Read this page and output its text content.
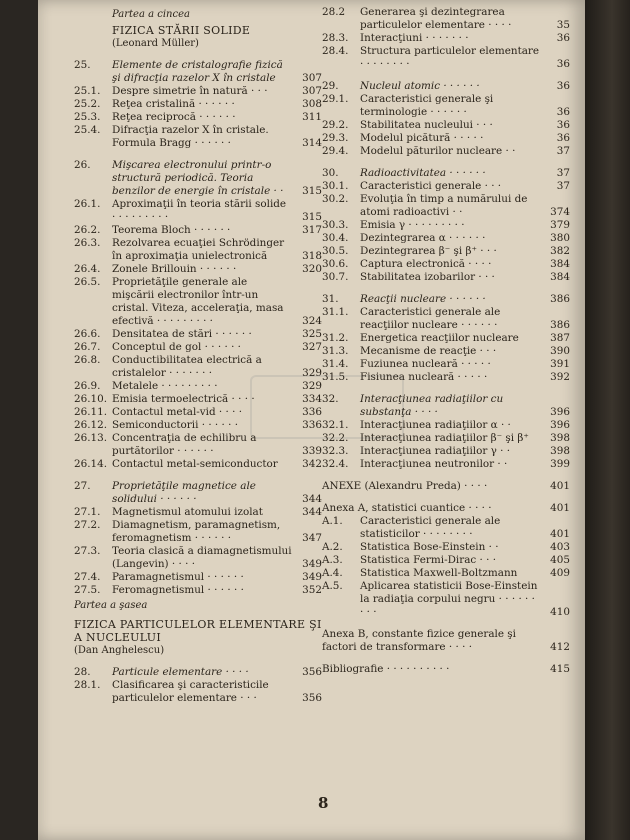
Partea a cincea
FIZICA STĂRII SOLIDE
(Leonard Müller)
25. Elemente de cristalografie fizică şi difracţia razelor X în cristale	307
25.1. Despre simetrie în natură · · ·	307
25.2. Reţea cristalină · · · · · ·	308
25.3. Reţea reciprocă · · · · · ·	311
25.4. Difracţia razelor X în cristale. Formula Bragg · · · · · ·	314
26. Mişcarea electronului printr-o structură periodică. Teoria benzilor de energie în cristale · · 315
26.1. Aproximaţii în teoria stării solide · · · · · · · · ·	315
26.2. Teorema Bloch · · · · · ·	317
26.3. Rezolvarea ecuaţiei Schrödinger în aproximaţia unielectronică	318
26.4. Zonele Brillouin · · · · · ·	320
26.5. Proprietăţile generale ale mişcării electronilor într-un cristal. Viteza, acceleraţia, masa efectivă · · · · · · · · ·	324
26.6. Densitatea de stări · · · · · ·	325
26.7. Conceptul de gol · · · · · ·	327
26.8. Conductibilitatea electrică a cristalelor · · · · · · ·	329
26.9. Metalele · · · · · · · · ·	329
26.10. Emisia termoelectrică · · · ·	334
26.11. Contactul metal-vid · · · ·	336
26.12. Semiconductorii · · · · · ·	336
26.13. Concentraţia de echilibru a purtătorilor · · · · · ·	339
26.14. Contactul metal-semiconductor 342
27. Proprietăţile magnetice ale solidului · · · · · ·	344
27.1. Magnetismul atomului izolat	344
27.2. Diamagnetism, paramagnetism, feromagnetism · · · · · ·	347
27.3. Teoria clasică a diamagnetismului (Langevin) · · · ·	349
27.4. Paramagnetismul · · · · · ·	349
27.5. Feromagnetismul · · · · · ·	352
Partea a şasea
FIZICA PARTICULELOR ELEMENTARE ŞI A NUCLEULUI
(Dan Anghelescu)
28. Particule elementare · · · ·	356
28.1. Clasificarea şi caracteristicile particulelor elementare · · ·	356
28.2 Generarea şi dezintegrarea particulelor elementare · · · ·	35
28.3. Interacţiuni · · · · · · ·	36
28.4. Structura particulelor elementare · · · · · · · ·	36
29. Nucleul atomic · · · · · ·	36
29.1. Caracteristici generale şi terminologie · · · · · ·	36
29.2. Stabilitatea nucleului · · ·	36
29.3. Modelul picătură · · · · ·	36
29.4. Modelul păturilor nucleare · ·	37
30. Radioactivitatea · · · · · ·	37
30.1. Caracteristici generale · · ·	37
30.2. Evoluţia în timp a numărului de atomi radioactivi · ·	374
30.3. Emisia γ · · · · · · · · ·	379
30.4. Dezintegrarea α · · · · · ·	380
30.5. Dezintegrarea β⁻ şi β⁺ · · ·	382
30.6. Captura electronică · · · ·	384
30.7. Stabilitatea izobarilor · · ·	384
31. Reacţii nucleare · · · · · ·	386
31.1. Caracteristici generale ale reacţiilor nucleare · · · · · ·	386
31.2. Energetica reacţiilor nucleare	387
31.3. Mecanisme de reacţie · · ·	390
31.4. Fuziunea nucleară · · · · ·	391
31.5. Fisiunea nucleară · · · · ·	392
32. Interacţiunea radiaţiilor cu substanţa · · · ·	396
32.1. Interacţiunea radiaţiilor α · ·	396
32.2. Interacţiunea radiaţiilor β⁻ şi β⁺ 398
32.3. Interacţiunea radiaţiilor γ · ·	398
32.4. Interacţiunea neutronilor · ·	399
ANEXE (Alexandru Preda) · · · ·	401
Anexa A, statistici cuantice · · · ·	401
A.1. Caracteristici generale ale statisticilor · · · · · · · ·	401
A.2. Statistica Bose-Einstein · ·	403
A.3. Statistica Fermi-Dirac · · ·	405
A.4. Statistica Maxwell-Boltzmann	409
A.5. Aplicarea statisticii Bose-Einstein la radiaţia corpului negru · · · · · · · · ·	410
Anexa B, constante fizice generale şi factori de transformare · · · ·	412
Bibliografie · · · · · · · · · ·	415
8
